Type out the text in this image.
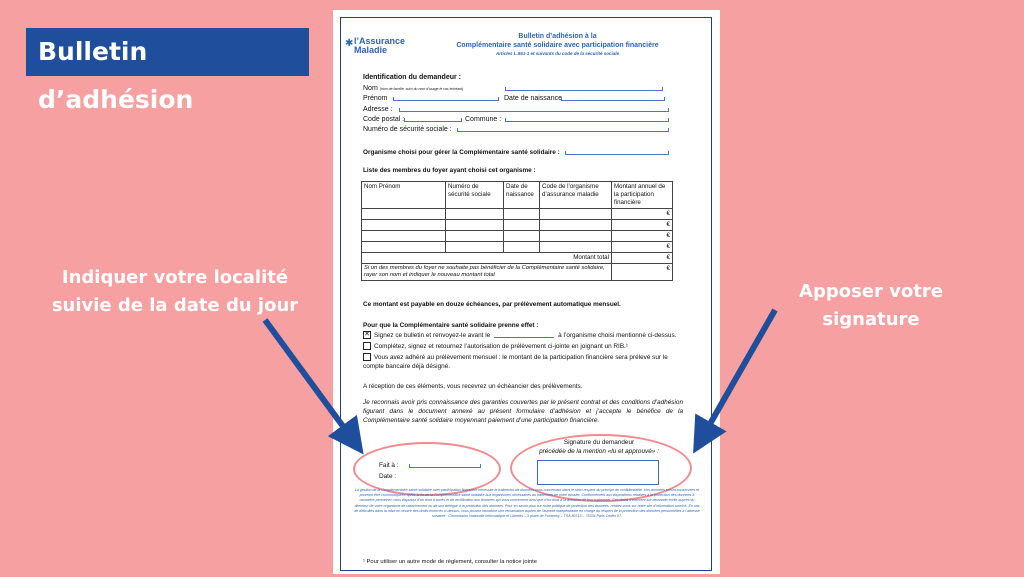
Bulletin d’adhésion
Indiquer votre localité suivie de la date du jour
Apposer votre signature
✱ l’Assurance
Maladie
Bulletin d’adhésion à la
Complémentaire santé solidaire avec participation financière
Articles L.861-1 et suivants du code de la sécurité sociale
Identification du demandeur :
Nom (nom de famille, suivi du nom d’usage le cas échéant)
Prénom	Date de naissance
Adresse :
Code postal :	Commune :
Numéro de sécurité sociale :
Organisme choisi pour gérer la Complémentaire santé solidaire :
Liste des membres du foyer ayant choisi cet organisme :
Nom Prénom	Numéro de sécurité sociale	Date de naissance	Code de l’organisme d’assurance maladie	Montant annuel de la participation financière
				€
				€
				€
				€
Montant total				€
Si un des membres du foyer ne souhaite pas bénéficier de la Complémentaire santé solidaire, rayer son nom et indiquer le nouveau montant total				€
Ce montant est payable en douze échéances, par prélèvement automatique mensuel.
Pour que la Complémentaire santé solidaire prenne effet :
✕ Signez ce bulletin et renvoyez-le avant le	à l’organisme choisi mentionné ci-dessus.
Complétez, signez et retournez l’autorisation de prélèvement ci-jointe en joignant un RIB.¹
Vous avez adhéré au prélèvement mensuel : le montant de la participation financière sera prélevé sur le compte bancaire déjà désigné.
A réception de ces éléments, vous recevrez un échéancier des prélèvements.
Je reconnais avoir pris connaissance des garanties couvertes par le présent contrat et des conditions d’adhésion figurant dans le document annexé au présent formulaire d’adhésion et j’accepte le bénéfice de la Complémentaire santé solidaire moyennant paiement d’une participation financière.
Fait à :
Date :
Signature du demandeur
précédée de la mention «lu et approuvé» :
La gestion de la Complémentaire santé solidaire avec participation financière nécessite le traitement de données vous concernant dans le strict respect du principe de confidentialité. Vos données seront conservées et pourront être communiquées après la fin de la Complémentaire santé solidaire aux organismes nécessaires au traitement de votre dossier. Conformément aux dispositions relatives à la protection des données à caractère personnel, vous disposez d’un droit d’accès et de rectification aux données qui vous concernent ainsi que d’un droit à la limitation de leur traitement. Ces droits s’exercent sur demande écrite auprès du directeur de votre organisme de rattachement ou de son délégué à la protection des données. Pour en savoir plus sur notre politique de protection des données, rendez-vous sur notre site d’information ameli.fr. En cas de difficultés dans la mise en œuvre des droits énoncés ci-dessus, vous pouvez introduire une réclamation auprès de l’autorité indépendante en charge du respect de la protection des données personnelles à l’adresse suivante : Commission Nationale Informatique et Libertés – 3 place de Fontenoy – TSA 80715 – 75334 Paris Cedex 07.
¹ Pour utiliser un autre mode de règlement, consulter la notice jointe
